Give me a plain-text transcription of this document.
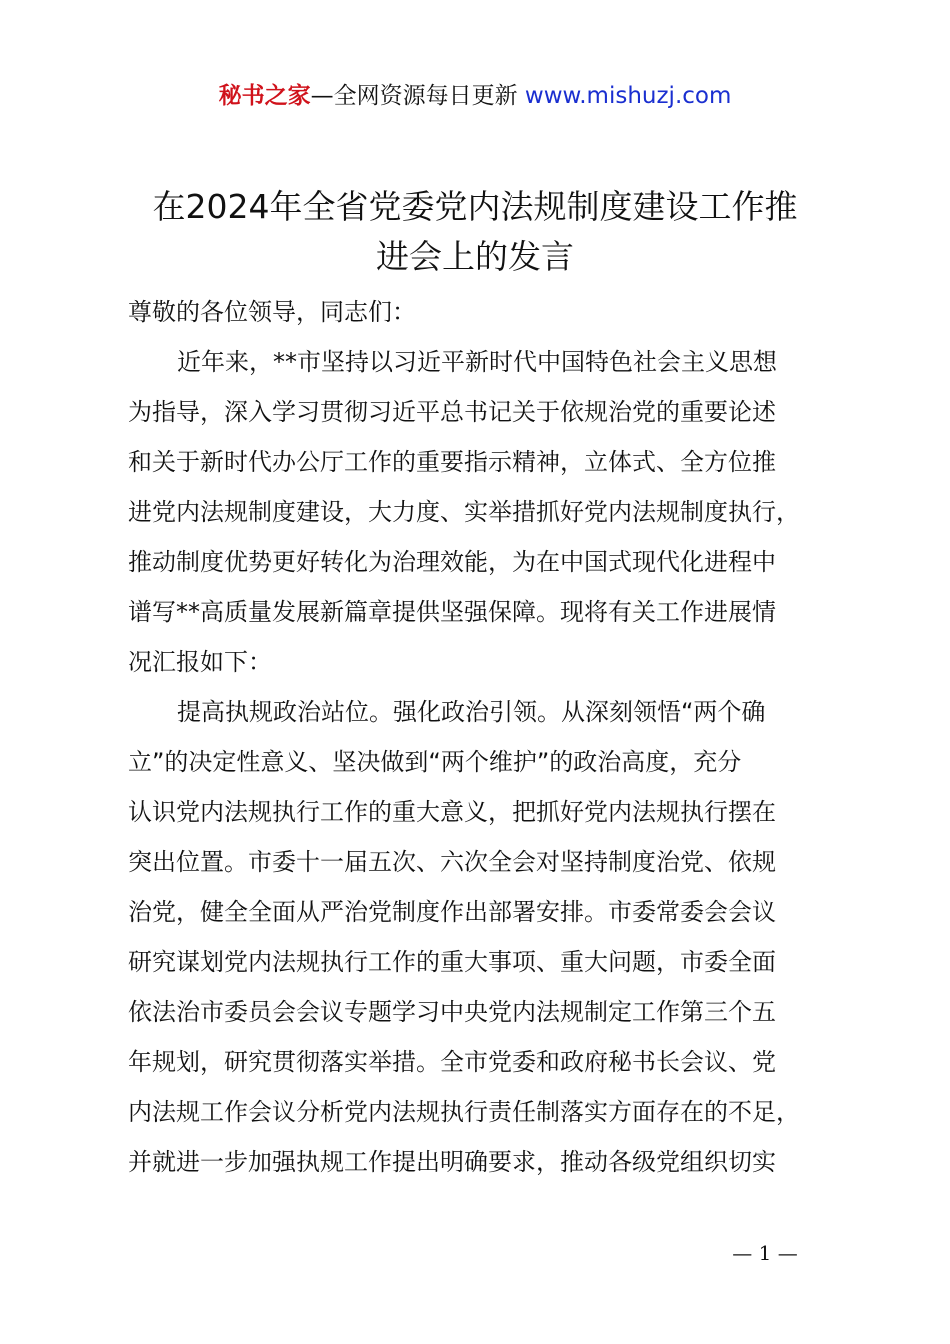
秘书之家—全网资源每日更新 www.mishuzj.com
在2024年全省党委党内法规制度建设工作推
进会上的发言
尊敬的各位领导，同志们：
近年来，**市坚持以习近平新时代中国特色社会主义思想
为指导，深入学习贯彻习近平总书记关于依规治党的重要论述
和关于新时代办公厅工作的重要指示精神，立体式、全方位推
进党内法规制度建设，大力度、实举措抓好党内法规制度执行，
推动制度优势更好转化为治理效能，为在中国式现代化进程中
谱写**高质量发展新篇章提供坚强保障。现将有关工作进展情
况汇报如下：
提高执规政治站位。强化政治引领。从深刻领悟“两个确
立”的决定性意义、坚决做到“两个维护”的政治高度，充分
认识党内法规执行工作的重大意义，把抓好党内法规执行摆在
突出位置。市委十一届五次、六次全会对坚持制度治党、依规
治党，健全全面从严治党制度作出部署安排。市委常委会会议
研究谋划党内法规执行工作的重大事项、重大问题，市委全面
依法治市委员会会议专题学习中央党内法规制定工作第三个五
年规划，研究贯彻落实举措。全市党委和政府秘书长会议、党
内法规工作会议分析党内法规执行责任制落实方面存在的不足，
并就进一步加强执规工作提出明确要求，推动各级党组织切实
— 1 —
